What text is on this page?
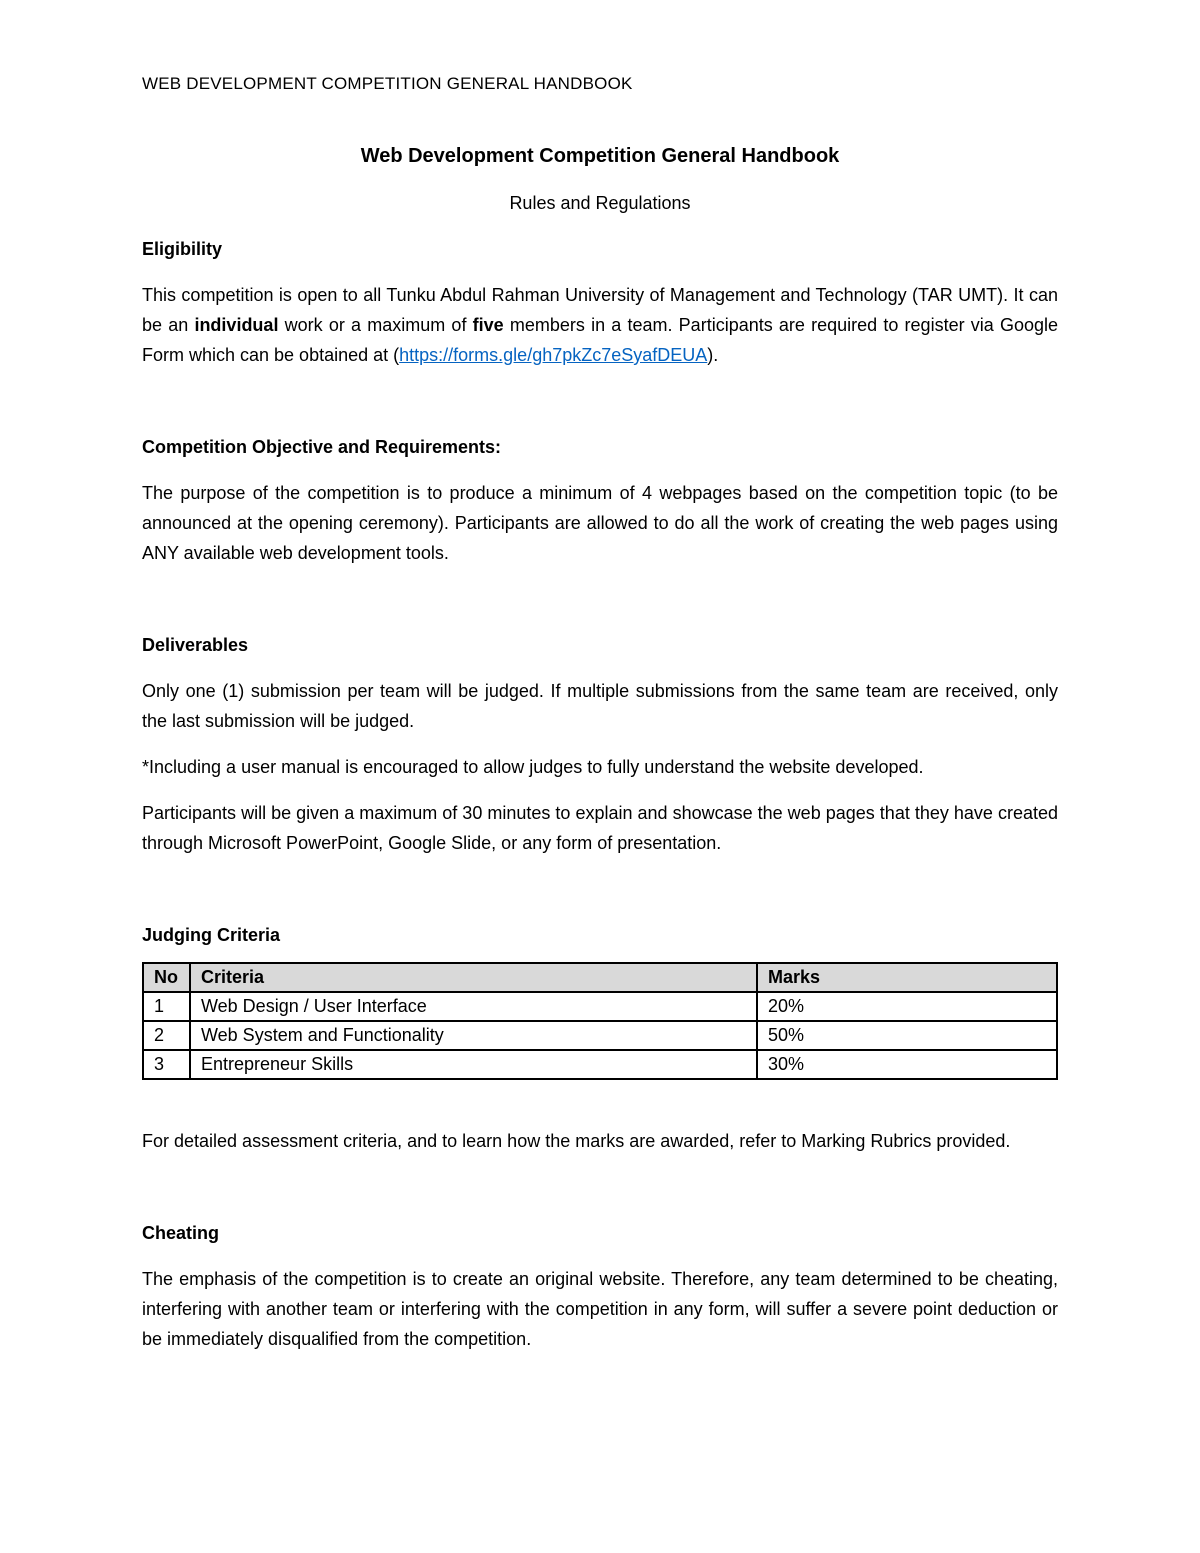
WEB DEVELOPMENT COMPETITION GENERAL HANDBOOK
Web Development Competition General Handbook
Rules and Regulations
Eligibility

This competition is open to all Tunku Abdul Rahman University of Management and Technology (TAR UMT). It can be an individual work or a maximum of five members in a team. Participants are required to register via Google Form which can be obtained at (https://forms.gle/gh7pkZc7eSyafDEUA).

Competition Objective and Requirements:

The purpose of the competition is to produce a minimum of 4 webpages based on the competition topic (to be announced at the opening ceremony). Participants are allowed to do all the work of creating the web pages using ANY available web development tools.

Deliverables

Only one (1) submission per team will be judged. If multiple submissions from the same team are received, only the last submission will be judged.

*Including a user manual is encouraged to allow judges to fully understand the website developed.

Participants will be given a maximum of 30 minutes to explain and showcase the web pages that they have created through Microsoft PowerPoint, Google Slide, or any form of presentation.

Judging Criteria
No	Criteria	Marks
1	Web Design / User Interface	20%
2	Web System and Functionality	50%
3	Entrepreneur Skills	30%

For detailed assessment criteria, and to learn how the marks are awarded, refer to Marking Rubrics provided.

Cheating

The emphasis of the competition is to create an original website. Therefore, any team determined to be cheating, interfering with another team or interfering with the competition in any form, will suffer a severe point deduction or be immediately disqualified from the competition.
